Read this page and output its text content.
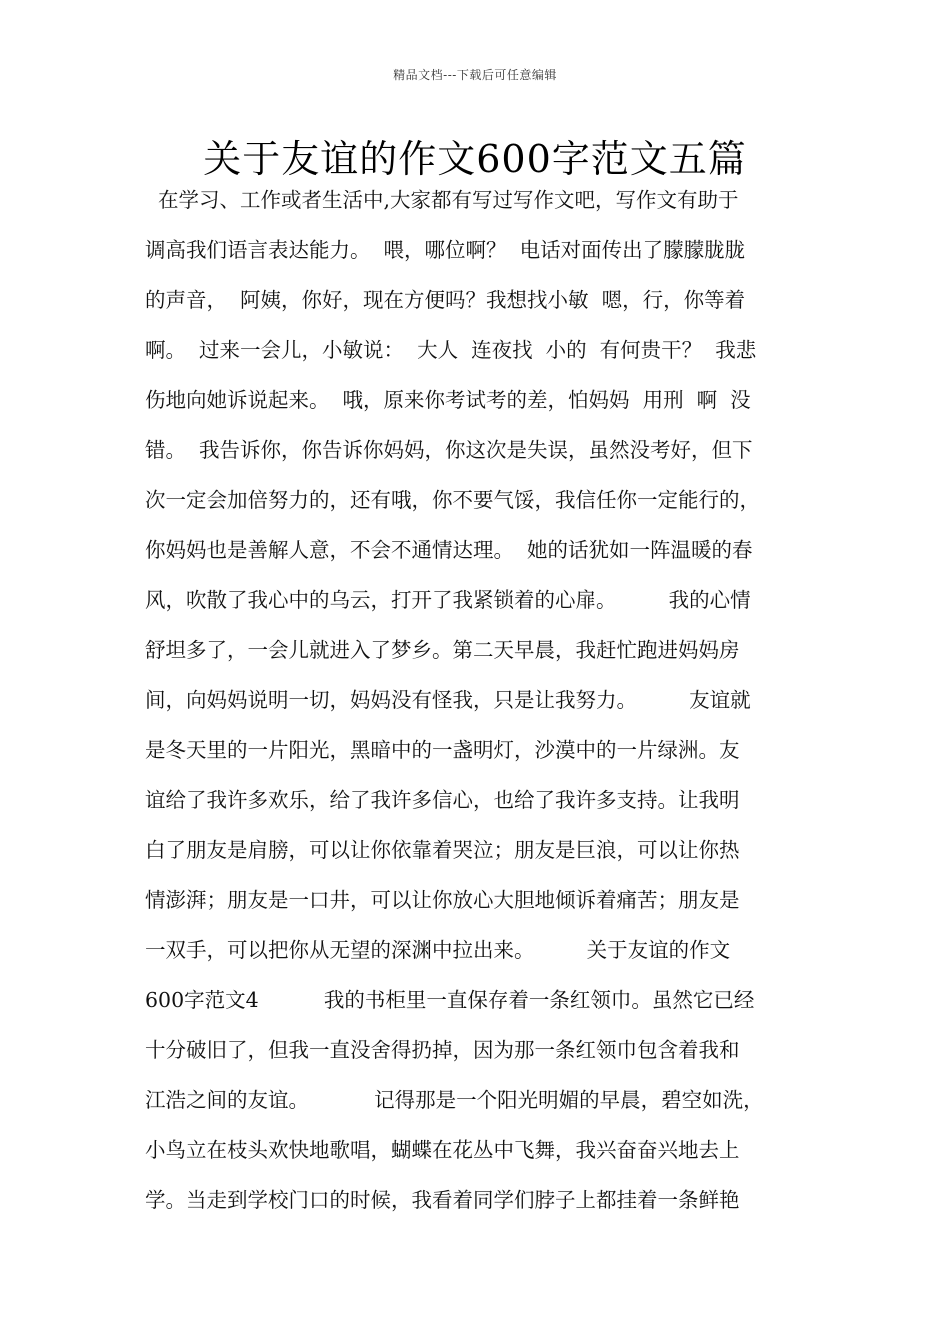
精品文档---下载后可任意编辑
关于友谊的作文600字范文五篇
在学习、工作或者生活中,大家都有写过写作文吧，写作文有助于
调高我们语言表达能力。  喂，哪位啊？  电话对面传出了朦朦胧胧
的声音，  阿姨，你好，现在方便吗？我想找小敏  嗯，行，你等着
啊。  过来一会儿，小敏说：  大人  连夜找  小的  有何贵干？  我悲
伤地向她诉说起来。  哦，原来你考试考的差，怕妈妈  用刑  啊  没
错。  我告诉你，你告诉你妈妈，你这次是失误，虽然没考好，但下
次一定会加倍努力的，还有哦，你不要气馁，我信任你一定能行的，
你妈妈也是善解人意，不会不通情达理。  她的话犹如一阵温暖的春
风，吹散了我心中的乌云，打开了我紧锁着的心扉。        我的心情
舒坦多了，一会儿就进入了梦乡。第二天早晨，我赶忙跑进妈妈房
间，向妈妈说明一切，妈妈没有怪我，只是让我努力。        友谊就
是冬天里的一片阳光，黑暗中的一盏明灯，沙漠中的一片绿洲。友
谊给了我许多欢乐，给了我许多信心，也给了我许多支持。让我明
白了朋友是肩膀，可以让你依靠着哭泣；朋友是巨浪，可以让你热
情澎湃；朋友是一口井，可以让你放心大胆地倾诉着痛苦；朋友是
一双手，可以把你从无望的深渊中拉出来。        关于友谊的作文
600字范文4          我的书柜里一直保存着一条红领巾。虽然它已经
十分破旧了，但我一直没舍得扔掉，因为那一条红领巾包含着我和
江浩之间的友谊。          记得那是一个阳光明媚的早晨，碧空如洗，
小鸟立在枝头欢快地歌唱，蝴蝶在花丛中飞舞，我兴奋奋兴地去上
学。当走到学校门口的时候，我看着同学们脖子上都挂着一条鲜艳
